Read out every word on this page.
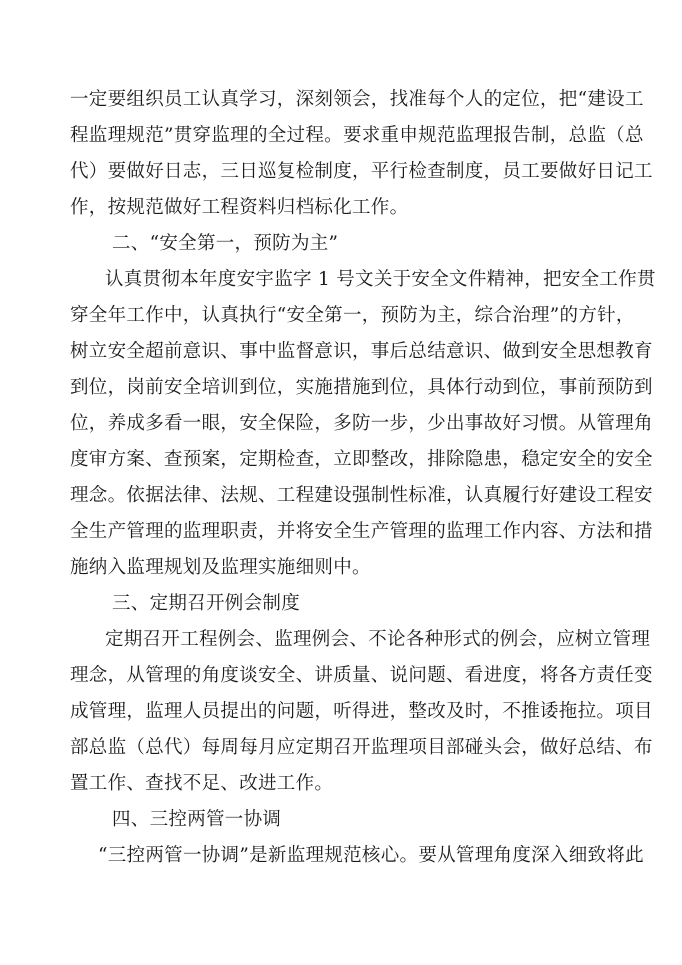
一定要组织员工认真学习，深刻领会，找准每个人的定位，把“建设工
程监理规范”贯穿监理的全过程。要求重申规范监理报告制，总监（总
代）要做好日志，三日巡复检制度，平行检查制度，员工要做好日记工
作，按规范做好工程资料归档标化工作。
二、“安全第一，预防为主”
认真贯彻本年度安宇监字 1 号文关于安全文件精神，把安全工作贯
穿全年工作中，认真执行“安全第一，预防为主，综合治理”的方针，
树立安全超前意识、事中监督意识，事后总结意识、做到安全思想教育
到位，岗前安全培训到位，实施措施到位，具体行动到位，事前预防到
位，养成多看一眼，安全保险，多防一步，少出事故好习惯。从管理角
度审方案、查预案，定期检查，立即整改，排除隐患，稳定安全的安全
理念。依据法律、法规、工程建设强制性标准，认真履行好建设工程安
全生产管理的监理职责，并将安全生产管理的监理工作内容、方法和措
施纳入监理规划及监理实施细则中。
三、定期召开例会制度
定期召开工程例会、监理例会、不论各种形式的例会，应树立管理
理念，从管理的角度谈安全、讲质量、说问题、看进度，将各方责任变
成管理，监理人员提出的问题，听得进，整改及时，不推诿拖拉。项目
部总监（总代）每周每月应定期召开监理项目部碰头会，做好总结、布
置工作、查找不足、改进工作。
四、三控两管一协调
“三控两管一协调”是新监理规范核心。要从管理角度深入细致将此
